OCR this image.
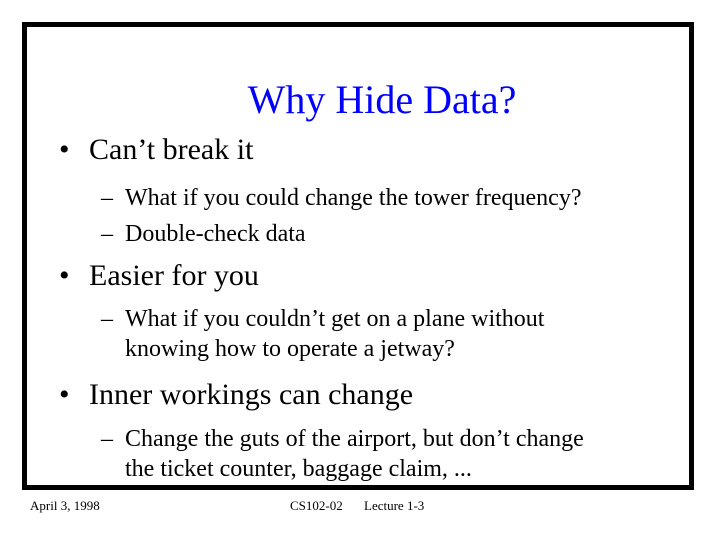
Why Hide Data?
• Can’t break it
– What if you could change the tower frequency?
– Double-check data
• Easier for you
– What if you couldn’t get on a plane without
knowing how to operate a jetway?
• Inner workings can change
– Change the guts of the airport, but don’t change
the ticket counter, baggage claim, ...
April 3, 1998	CS102-02 Lecture 1-3
